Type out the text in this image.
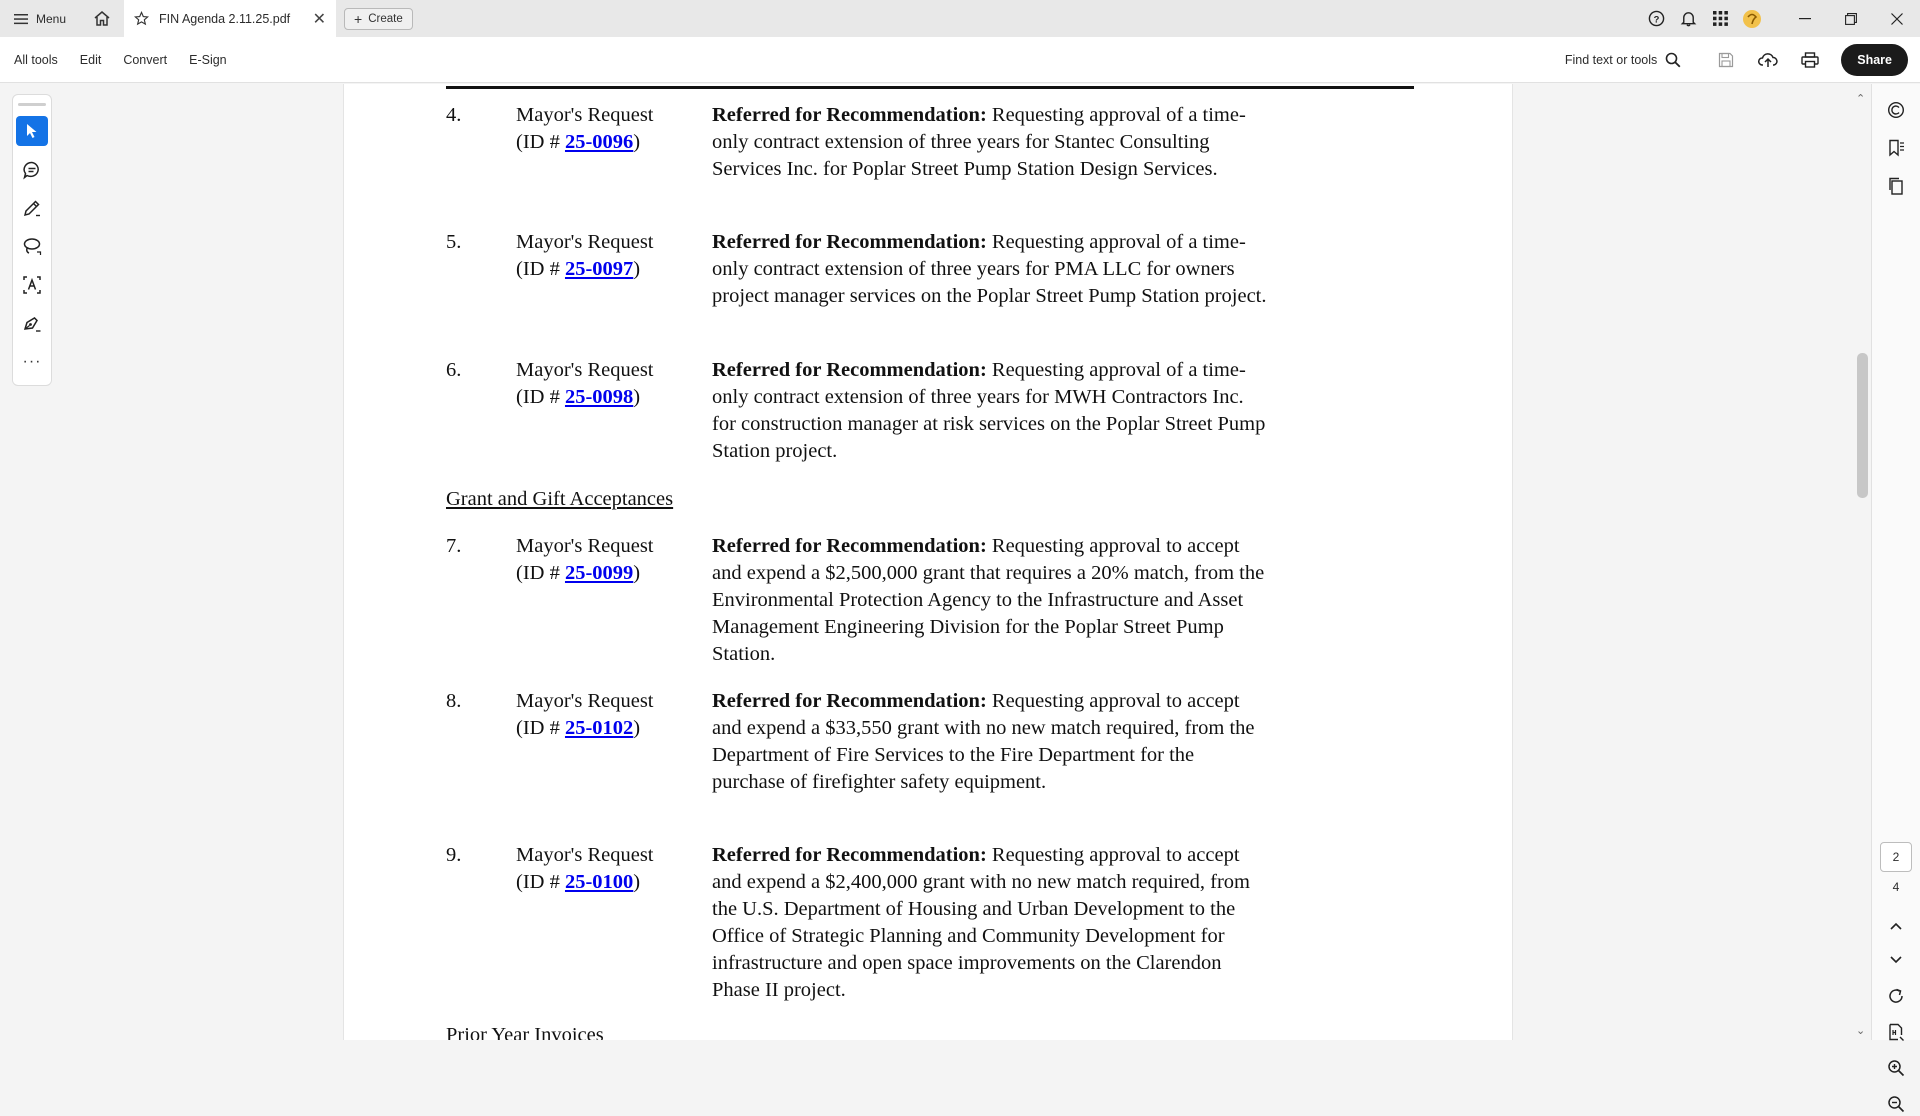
Menu	FIN Agenda 2.11.25.pdf	✕ + Create	?
All tools	Edit	Convert	E-Sign	Find text or tools	Share
4.	Mayor's Request
(ID # 25-0096)
Referred for Recommendation: Requesting approval of a time-only contract extension of three years for Stantec Consulting Services Inc. for Poplar Street Pump Station Design Services.
5.	Mayor's Request
(ID # 25-0097)
Referred for Recommendation: Requesting approval of a time-only contract extension of three years for PMA LLC for owners project manager services on the Poplar Street Pump Station project.
6.	Mayor's Request
(ID # 25-0098)
Referred for Recommendation: Requesting approval of a time-only contract extension of three years for MWH Contractors Inc. for construction manager at risk services on the Poplar Street Pump Station project.
Grant and Gift Acceptances
7.	Mayor's Request
(ID # 25-0099)
Referred for Recommendation: Requesting approval to accept and expend a $2,500,000 grant that requires a 20% match, from the Environmental Protection Agency to the Infrastructure and Asset Management Engineering Division for the Poplar Street Pump Station.
8.	Mayor's Request
(ID # 25-0102)
Referred for Recommendation: Requesting approval to accept and expend a $33,550 grant with no new match required, from the Department of Fire Services to the Fire Department for the purchase of firefighter safety equipment.
9.	Mayor's Request
(ID # 25-0100)
Referred for Recommendation: Requesting approval to accept and expend a $2,400,000 grant with no new match required, from the U.S. Department of Housing and Urban Development to the Office of Strategic Planning and Community Development for infrastructure and open space improvements on the Clarendon Phase II project.
Prior Year Invoices
···
⌃
⌄
2
4
